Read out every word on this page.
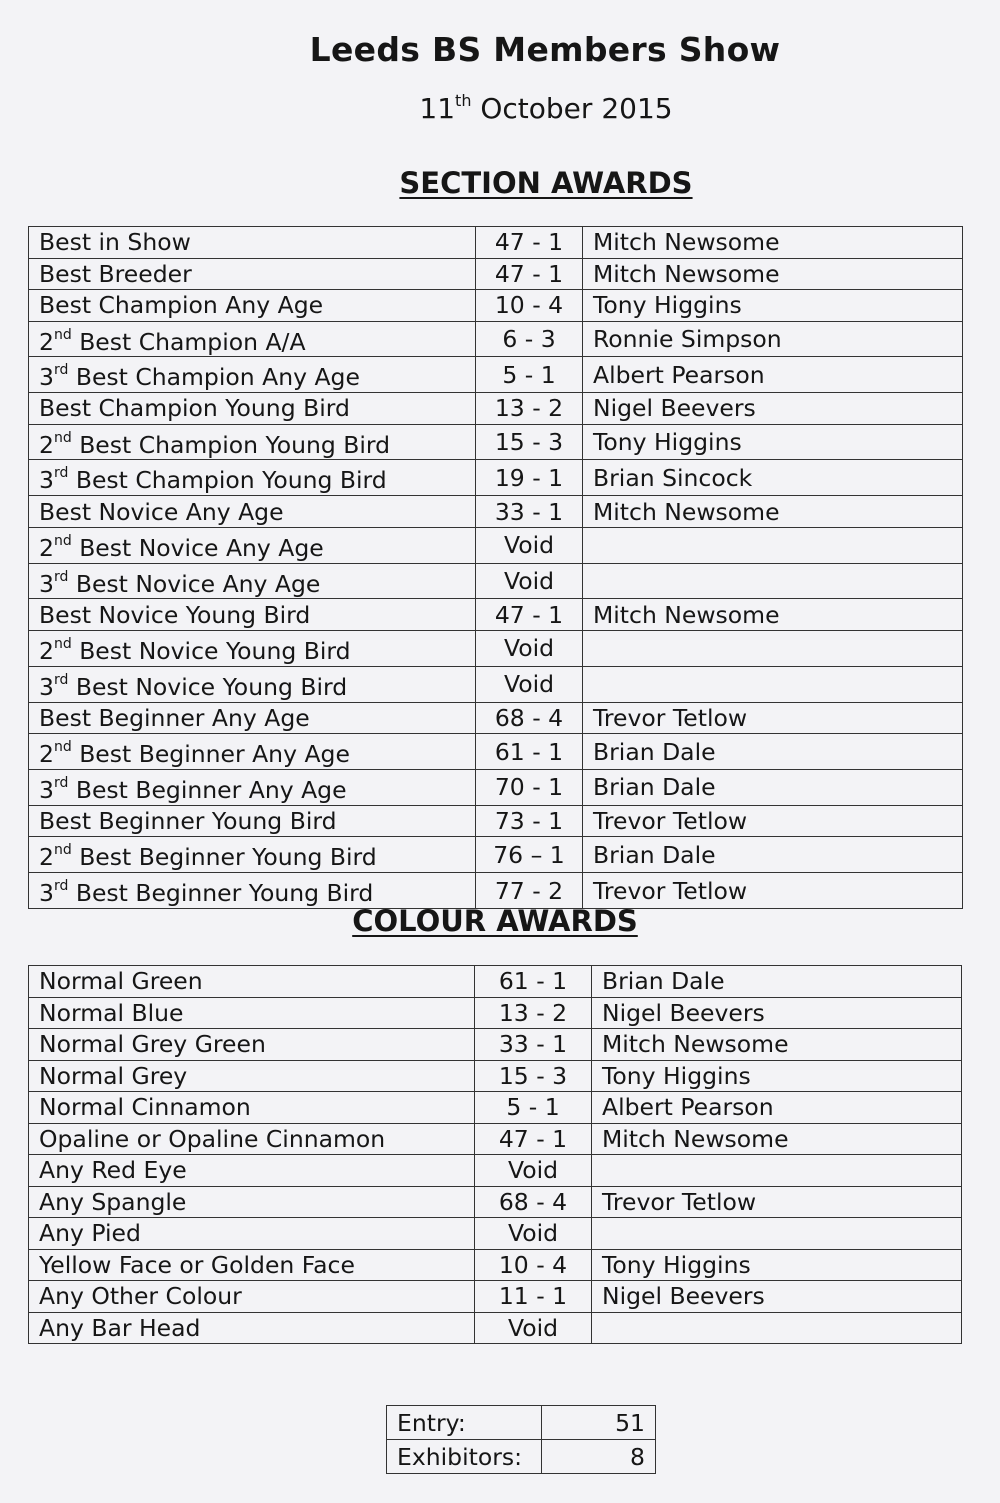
Leeds BS Members Show
11th October 2015
SECTION AWARDS
Best in Show	47 - 1	Mitch Newsome
Best Breeder	47 - 1	Mitch Newsome
Best Champion Any Age	10 - 4	Tony Higgins
2nd Best Champion A/A	6 - 3	Ronnie Simpson
3rd Best Champion Any Age	5 - 1	Albert Pearson
Best Champion Young Bird	13 - 2	Nigel Beevers
2nd Best Champion Young Bird	15 - 3	Tony Higgins
3rd Best Champion Young Bird	19 - 1	Brian Sincock
Best Novice Any Age	33 - 1	Mitch Newsome
2nd Best Novice Any Age	Void	
3rd Best Novice Any Age	Void	
Best Novice Young Bird	47 - 1	Mitch Newsome
2nd Best Novice Young Bird	Void	
3rd Best Novice Young Bird	Void	
Best Beginner Any Age	68 - 4	Trevor Tetlow
2nd Best Beginner Any Age	61 - 1	Brian Dale
3rd Best Beginner Any Age	70 - 1	Brian Dale
Best Beginner Young Bird	73 - 1	Trevor Tetlow
2nd Best Beginner Young Bird	76 – 1	Brian Dale
3rd Best Beginner Young Bird	77 - 2	Trevor Tetlow
COLOUR AWARDS
Normal Green	61 - 1	Brian Dale
Normal Blue	13 - 2	Nigel Beevers
Normal Grey Green	33 - 1	Mitch Newsome
Normal Grey	15 - 3	Tony Higgins
Normal Cinnamon	5 - 1	Albert Pearson
Opaline or Opaline Cinnamon	47 - 1	Mitch Newsome
Any Red Eye	Void	
Any Spangle	68 - 4	Trevor Tetlow
Any Pied	Void	
Yellow Face or Golden Face	10 - 4	Tony Higgins
Any Other Colour	11 - 1	Nigel Beevers
Any Bar Head	Void	
Entry:	51
Exhibitors:	8
